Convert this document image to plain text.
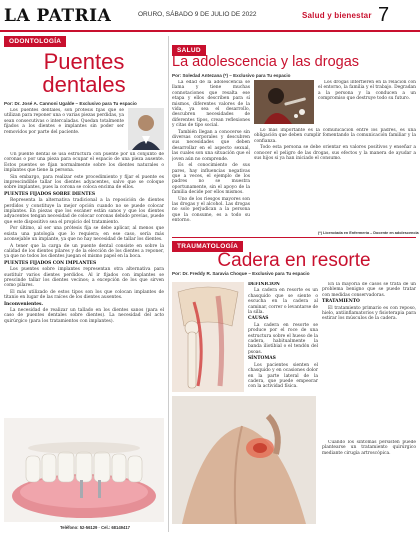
LA PATRIA	ORURO, SÁBADO 9 DE JULIO DE 2022	Salud y bienestar 7
ODONTOLOGÍA
Puentes dentales
Por: Dr. José A. Cannoni Ugalde – Exclusivo para Tu espacio

Los puentes dentales, son prótesis fijas que se utilizan para reponer una o varias piezas perdidas, ya sean consecutivas o intercaladas. Quedan totalmente fijados a los dientes e implantes sin poder ser removidos por parte del paciente.

Un puente dental se usa estructura con puente por un conjunto de coronas o por una pieza para ocupar el espacio de una pieza ausente. Estos puentes se fijan normalmente sobre los dientes naturales o implantes que tiene la persona.

Sin embargo, para realizar este procedimiento y fijar el puente es imprescindible tallar los dientes adyacentes, salvo que se coloque sobre implantes, pues la corona se coloca encima de ellos.

PUENTES FIJADOS SOBRE DIENTES

Representa la alternativa tradicional a la reposición de dientes perdidos y constituye la mejor opción cuando no se puede colocar implantes. En piezas que los escáner están sanos y que los dientes adyacentes tengan necesidad de colocar coronas debido previas, puede que este dispositivo sea el propicio del tratamiento.

Por último, al ser una prótesis fija se debe aplicar, al menos que exista una patología que lo requiera; en ese caso, sería más aconsejable un implante, ya que no hay necesidad de tallar los dientes.

A tener que la carga de un puente dental consiste en sobre la calidad de los dientes pilares y de la elección de los dientes a reponer, ya que no todos los dientes juegan el mismo papel en la boca.

PUENTES FIJADOS CON IMPLANTES

Los puentes sobre implantes representan otra alternativa para sustituir varios dientes perdidos. Al ir fijados con implantes se prescinde tallar los dientes vecinos; a excepción de los que sirven como pilares.

El más utilizado de estos tipos son los que colocan implantes de titanio en lugar de las raíces de los dientes ausentes.

Inconvenientes.

La necesidad de realizar un tallado en los dientes sanos (para el caso de puentes dentales sobre dientes). La necesidad del acto quirúrgico (para los tratamientos con implantes).

Teléfono: 52-56129 · Cel.: 68149417
SALUD
La adolescencia y las drogas
Por: Soledad Antezana (*) – Exclusivo para Tu espacio

La edad de la adolescencia se llama y tiene muchas connotaciones que resalta ese etapa y ellos describen para sí mismos, diferentes valores de la vida, ya sea el desarrollo, descubren necesidades de diferentes tipos, crean reflexiones y citas de tipo social.

También llegan a conocerse sin diversas corporales y descubren sus necesidades que deben desarrollar en el aspecto sexual, las cuales son una situación que el joven aún no comprende.

Es el conocimiento de sus pares, hay influencias negativas que a veces, el ejemplo de los padres no se muestra oportunamente, sin el apoyo de la familia decide por ellos mismos.

Uno de los riesgos mayores son las drogas y el alcohol. Las drogas no solo perjudican a la persona que la consume, es a todo su entorno.

Los drogas interfieren en la relación con el entorno, la familia y el trabajo. Degradan a la persona y la conducen a un compromiso que destruye todo su futuro.

Lo más importante es la comunicación entre los padres, es una obligación que deben cumplir fomentando la comunicación familiar y la confianza.

Todo esta persona se debe orientar en valores positivos y enseñar a conocer el peligro de las drogas, sus efectos y la manera de ayudar a sus hijos si ya han iniciado el consumo.

(*) Licenciada en Enfermería – Docente en adolescencia
TRAUMATOLOGÍA
Cadera en resorte
Por: Dr. Freddy R. Saravia Choque – Exclusivo para Tu espacio

DEFINICIÓN

La cadera en resorte es un chasquido que se siente o escucha en la cadera al caminar, correr o levantarse de la silla.

CAUSAS

La cadera en resorte se produce por el roce de una estructura sobre el hueso de la cadera, habitualmente la banda iliotibial o el tendón del psoas.

SÍNTOMAS

Los pacientes sienten el chasquido y en ocasiones dolor en la parte lateral de la cadera, que puede empeorar con la actividad física.

En la mayoría de casos se trata de un problema benigno que se puede tratar con medidas conservadoras.

TRATAMIENTO

El tratamiento primario es con reposo, hielo, antiinflamatorios y fisioterapia para estirar los músculos de la cadera.

Cuando los síntomas persisten puede plantearse un tratamiento quirúrgico mediante cirugía artroscópica.
